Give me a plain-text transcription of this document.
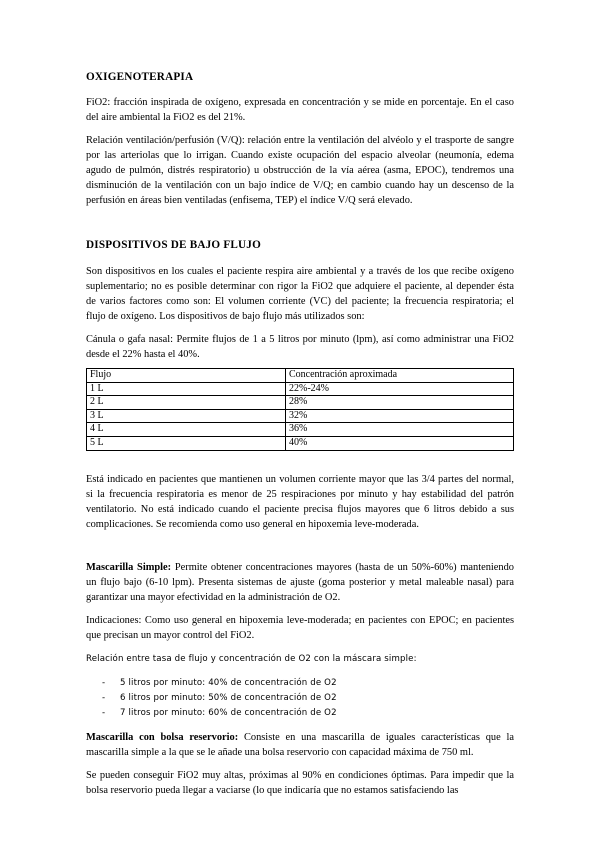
OXIGENOTERAPIA

FiO2: fracción inspirada de oxígeno, expresada en concentración y se mide en porcentaje. En el caso del aire ambiental la FiO2 es del 21%.

Relación ventilación/perfusión (V/Q): relación entre la ventilación del alvéolo y el trasporte de sangre por las arteriolas que lo irrigan. Cuando existe ocupación del espacio alveolar (neumonía, edema agudo de pulmón, distrés respiratorio) u obstrucción de la vía aérea (asma, EPOC), tendremos una disminución de la ventilación con un bajo índice de V/Q; en cambio cuando hay un descenso de la perfusión en áreas bien ventiladas (enfisema, TEP) el índice V/Q será elevado.

DISPOSITIVOS DE BAJO FLUJO

Son dispositivos en los cuales el paciente respira aire ambiental y a través de los que recibe oxígeno suplementario; no es posible determinar con rigor la FiO2 que adquiere el paciente, al depender ésta de varios factores como son: El volumen corriente (VC) del paciente; la frecuencia respiratoria; el flujo de oxígeno. Los dispositivos de bajo flujo más utilizados son:

Cánula o gafa nasal: Permite flujos de 1 a 5 litros por minuto (lpm), así como administrar una FiO2 desde el 22% hasta el 40%.

Flujo	Concentración aproximada
1 L	22%-24%
2 L	28%
3 L	32%
4 L	36%
5 L	40%

Está indicado en pacientes que mantienen un volumen corriente mayor que las 3/4 partes del normal, si la frecuencia respiratoria es menor de 25 respiraciones por minuto y hay estabilidad del patrón ventilatorio. No está indicado cuando el paciente precisa flujos mayores que 6 litros debido a sus complicaciones. Se recomienda como uso general en hipoxemia leve-moderada.

Mascarilla Simple: Permite obtener concentraciones mayores (hasta de un 50%-60%) manteniendo un flujo bajo (6-10 lpm). Presenta sistemas de ajuste (goma posterior y metal maleable nasal) para garantizar una mayor efectividad en la administración de O2.

Indicaciones: Como uso general en hipoxemia leve-moderada; en pacientes con EPOC; en pacientes que precisan un mayor control del FiO2.

Relación entre tasa de flujo y concentración de O2 con la máscara simple:

- 5 litros por minuto: 40% de concentración de O2
- 6 litros por minuto: 50% de concentración de O2
- 7 litros por minuto: 60% de concentración de O2

Mascarilla con bolsa reservorio: Consiste en una mascarilla de iguales características que la mascarilla simple a la que se le añade una bolsa reservorio con capacidad máxima de 750 ml.

Se pueden conseguir FiO2 muy altas, próximas al 90% en condiciones óptimas. Para impedir que la bolsa reservorio pueda llegar a vaciarse (lo que indicaría que no estamos satisfaciendo las
